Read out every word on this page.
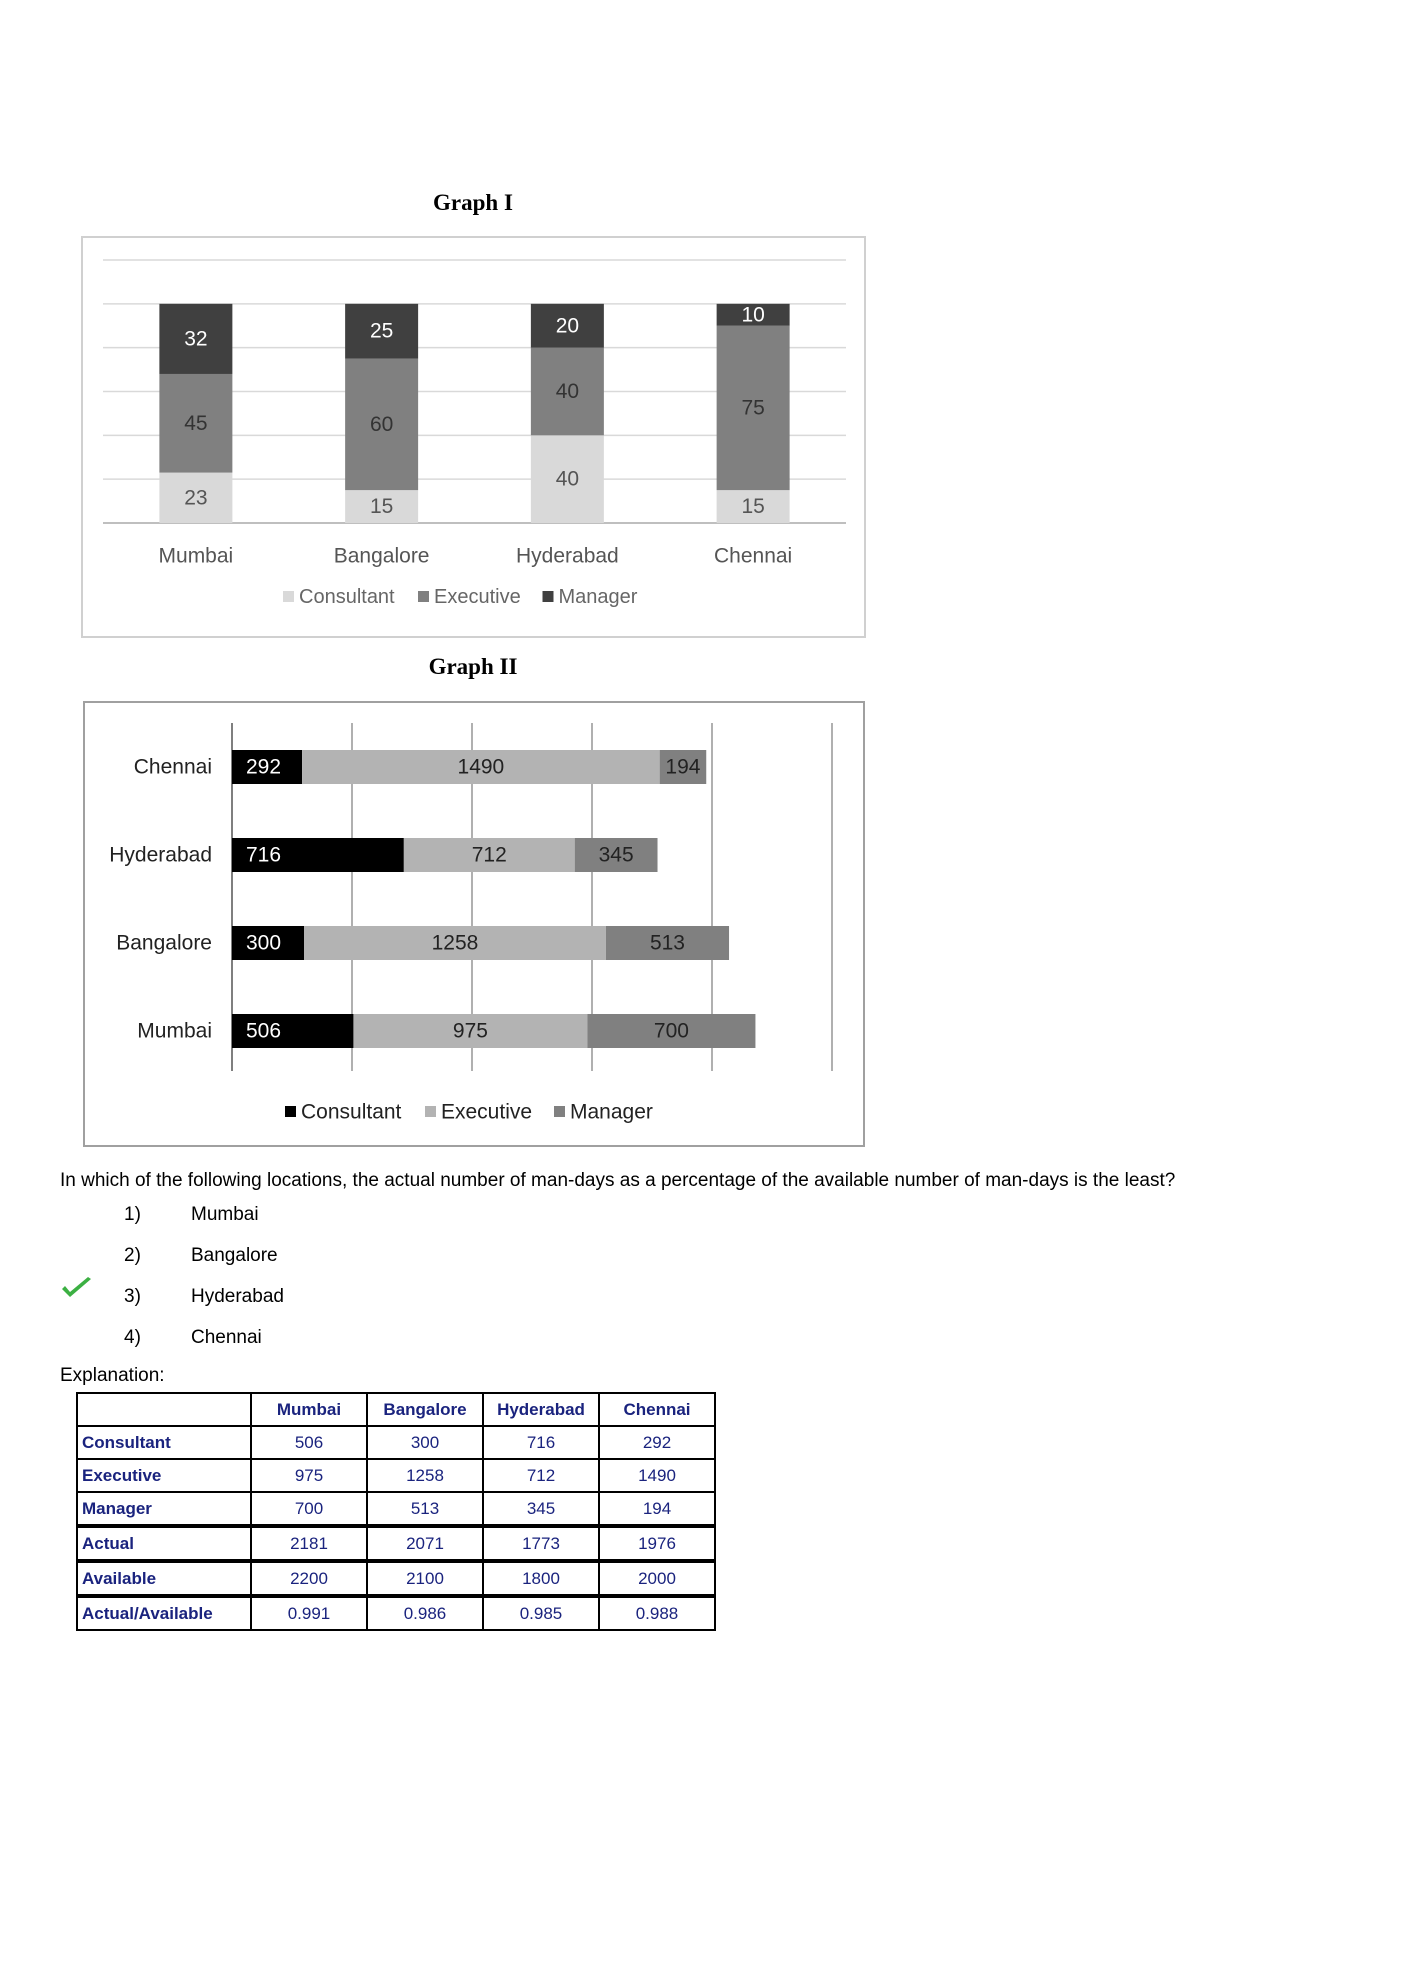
Graph I
23
45
32
Mumbai
15
60
25
Bangalore
40
40
20
Hyderabad
15
75
10
Chennai
Consultant Executive Manager
Graph II
292	1490	194
Chennai
716	712	345
Hyderabad
300	1258	513
Bangalore
506	975	700
Mumbai
Consultant Executive Manager
In which of the following locations, the actual number of man-days as a percentage of the available number of man-days is the least?
1)	Mumbai
2)	Bangalore
3)	Hyderabad
4)	Chennai
Explanation:
	Mumbai	Bangalore	Hyderabad	Chennai
Consultant	506	300	716	292
Executive	975	1258	712	1490
Manager	700	513	345	194
Actual	2181	2071	1773	1976
Available	2200	2100	1800	2000
Actual/Available	0.991	0.986	0.985	0.988
